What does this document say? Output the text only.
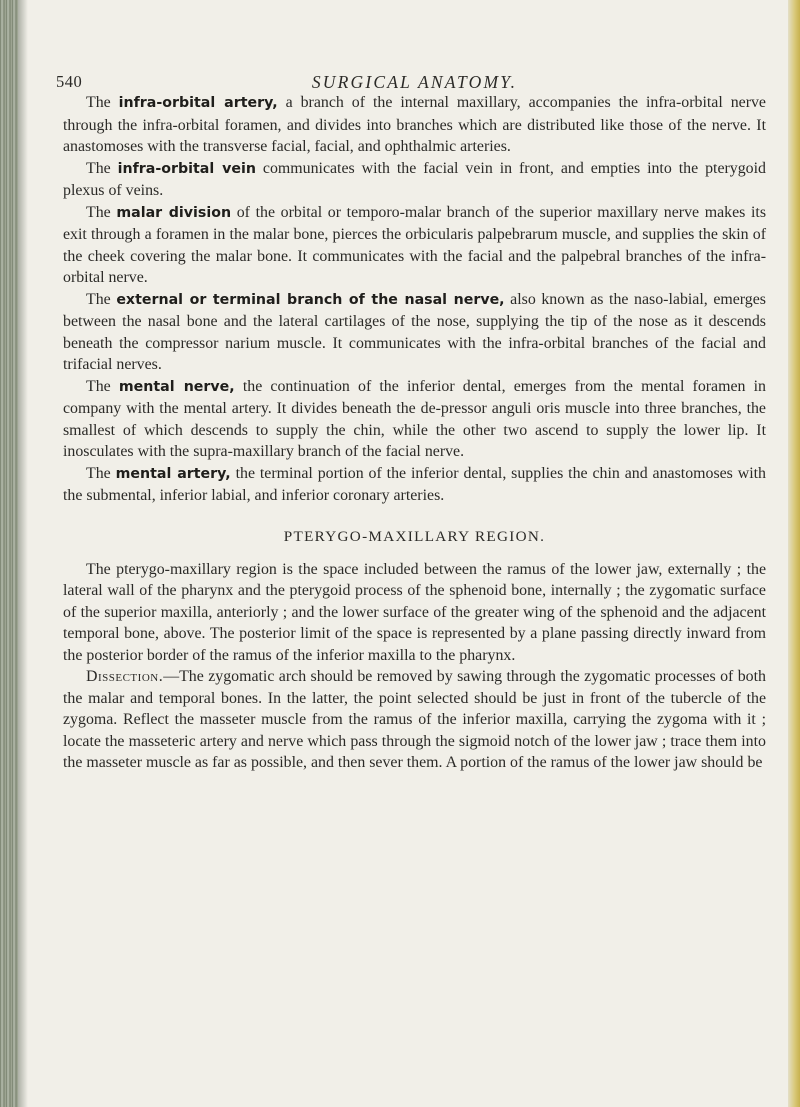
540	SURGICAL ANATOMY.

The infra-orbital artery, a branch of the internal maxillary, accompanies the infra-orbital nerve through the infra-orbital foramen, and divides into branches which are distributed like those of the nerve. It anastomoses with the transverse facial, facial, and ophthalmic arteries.

The infra-orbital vein communicates with the facial vein in front, and empties into the pterygoid plexus of veins.

The malar division of the orbital or temporo-malar branch of the superior maxillary nerve makes its exit through a foramen in the malar bone, pierces the orbicularis palpebrarum muscle, and supplies the skin of the cheek covering the malar bone. It communicates with the facial and the palpebral branches of the infra-orbital nerve.

The external or terminal branch of the nasal nerve, also known as the naso-labial, emerges between the nasal bone and the lateral cartilages of the nose, supplying the tip of the nose as it descends beneath the compressor narium muscle. It communicates with the infra-orbital branches of the facial and trifacial nerves.

The mental nerve, the continuation of the inferior dental, emerges from the mental foramen in company with the mental artery. It divides beneath the de-pressor anguli oris muscle into three branches, the smallest of which descends to supply the chin, while the other two ascend to supply the lower lip. It inosculates with the supra-maxillary branch of the facial nerve.

The mental artery, the terminal portion of the inferior dental, supplies the chin and anastomoses with the submental, inferior labial, and inferior coronary arteries.

PTERYGO-MAXILLARY REGION.

The pterygo-maxillary region is the space included between the ramus of the lower jaw, externally ; the lateral wall of the pharynx and the pterygoid process of the sphenoid bone, internally ; the zygomatic surface of the superior maxilla, anteriorly ; and the lower surface of the greater wing of the sphenoid and the adjacent temporal bone, above. The posterior limit of the space is represented by a plane passing directly inward from the posterior border of the ramus of the inferior maxilla to the pharynx.

Dissection.—The zygomatic arch should be removed by sawing through the zygomatic processes of both the malar and temporal bones. In the latter, the point selected should be just in front of the tubercle of the zygoma. Reflect the masseter muscle from the ramus of the inferior maxilla, carrying the zygoma with it ; locate the masseteric artery and nerve which pass through the sigmoid notch of the lower jaw ; trace them into the masseter muscle as far as possible, and then sever them. A portion of the ramus of the lower jaw should be
